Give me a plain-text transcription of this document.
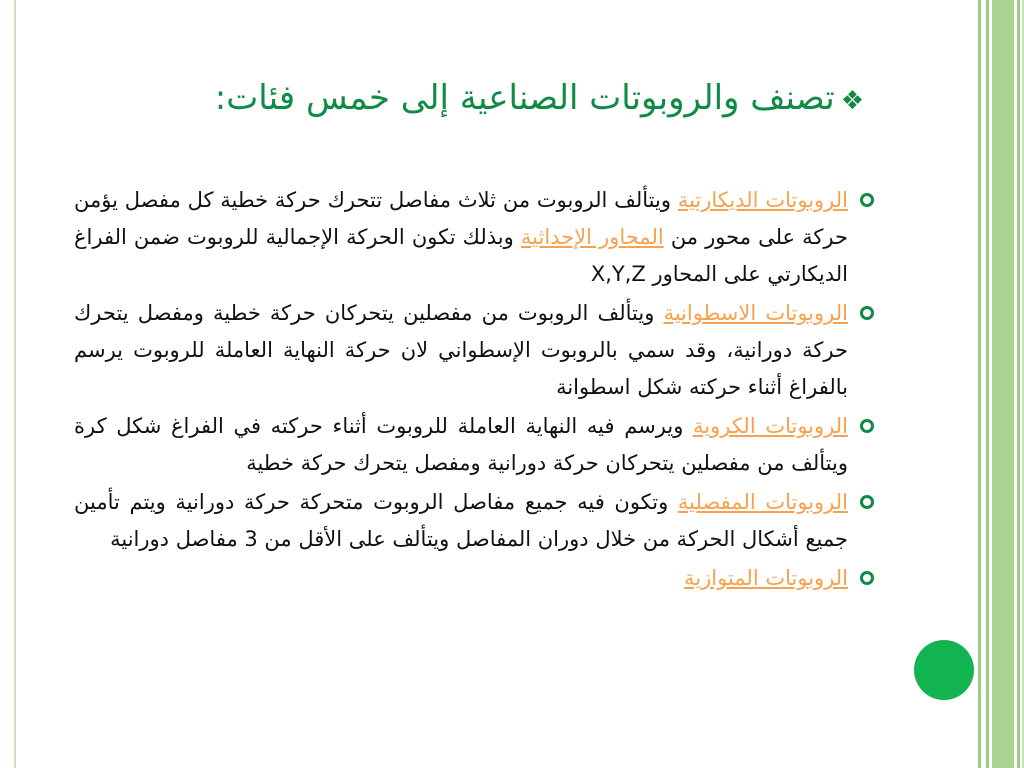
❖تصنف والروبوتات الصناعية إلى خمس فئات:
الروبوتات الديكارتية ويتألف الروبوت من ثلاث مفاصل تتحرك حركة خطية كل مفصل يؤمن حركة على محور من المحاور الإحداثية وبذلك تكون الحركة الإجمالية للروبوت ضمن الفراغ الديكارتي على المحاور X,Y,Z
الروبوتات الاسطوانية ويتألف الروبوت من مفصلين يتحركان حركة خطية ومفصل يتحرك حركة دورانية، وقد سمي بالروبوت الإسطواني لان حركة النهاية العاملة للروبوت يرسم بالفراغ أثناء حركته شكل اسطوانة
الروبوتات الكروية ويرسم فيه النهاية العاملة للروبوت أثناء حركته في الفراغ شكل كرة ويتألف من مفصلين يتحركان حركة دورانية ومفصل يتحرك حركة خطية
الروبوتات المفصلية وتكون فيه جميع مفاصل الروبوت متحركة حركة دورانية ويتم تأمين جميع أشكال الحركة من خلال دوران المفاصل ويتألف على الأقل من 3 مفاصل دورانية
الروبوتات المتوازية
